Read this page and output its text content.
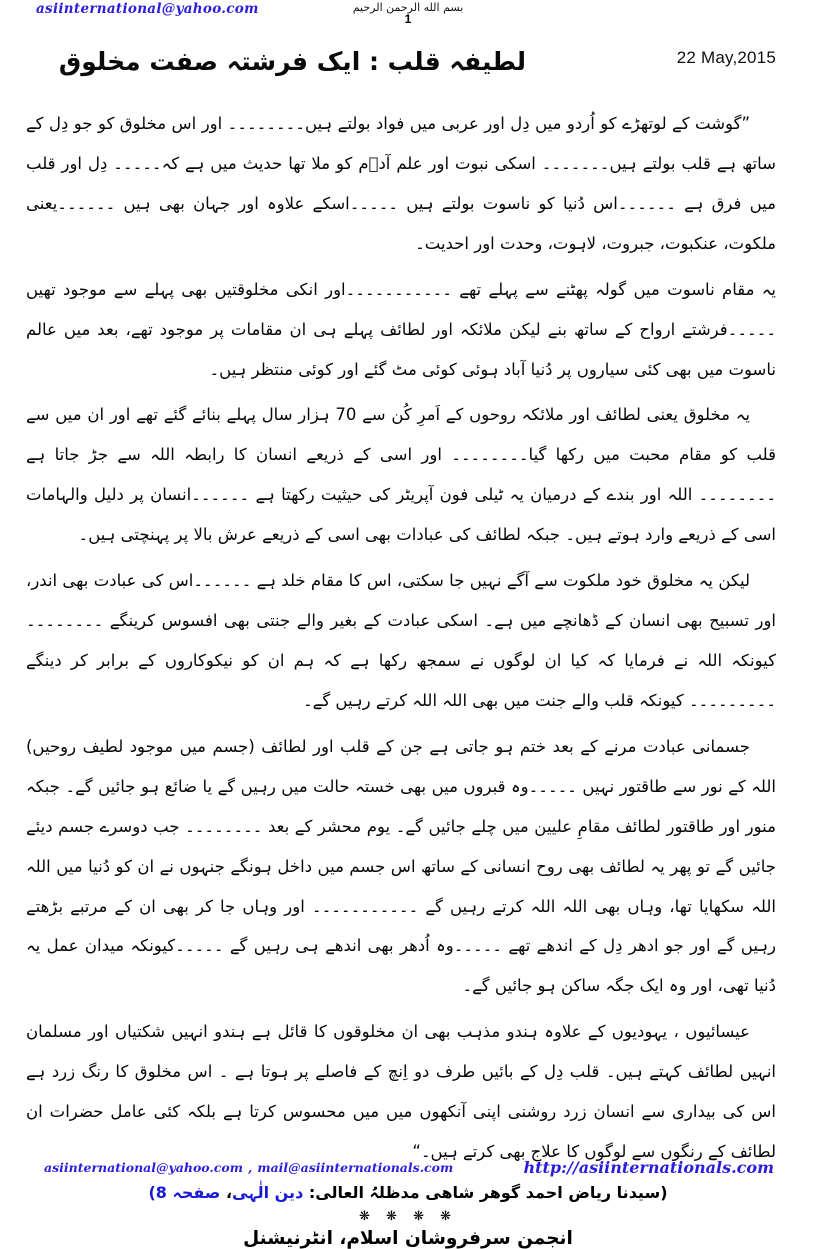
asiinternational@yahoo.com	بسم الله الرحمن الرحيم
1
لطیفہ قلب : ایک فرشتہ صفت مخلوق	22 May,2015

”گوشت کے لوتھڑے کو اُردو میں دِل اور عربی میں فواد بولتے ہیں۔۔۔۔۔۔۔۔ اور اس مخلوق کو جو دِل کے ساتھ ہے قلب بولتے ہیں۔۔۔۔۔۔۔ اسکی نبوت اور علم آدؑم کو ملا تھا حدیث میں ہے کہ۔۔۔۔۔ دِل اور قلب میں فرق ہے ۔۔۔۔۔۔اس دُنیا کو ناسوت بولتے ہیں ۔۔۔۔۔اسکے علاوہ اور جہان بھی ہیں ۔۔۔۔۔۔یعنی ملکوت، عنکبوت، جبروت، لاہوت، وحدت اور احدیت۔

یہ مقام ناسوت میں گولہ پھٹنے سے پہلے تھے ۔۔۔۔۔۔۔۔۔۔۔اور انکی مخلوقتیں بھی پہلے سے موجود تھیں ۔۔۔۔۔فرشتے ارواح کے ساتھ بنے لیکن ملائکہ اور لطائف پہلے ہی ان مقامات پر موجود تھے، بعد میں عالم ناسوت میں بھی کئی سیاروں پر دُنیا آباد ہوئی کوئی مٹ گئے اور کوئی منتظر ہیں۔

یہ مخلوق یعنی لطائف اور ملائکہ روحوں کے اَمرِ کُن سے 70 ہزار سال پہلے بنائے گئے تھے اور ان میں سے قلب کو مقام محبت میں رکھا گیا۔۔۔۔۔۔۔۔ اور اسی کے ذریعے انسان کا رابطہ اللہ سے جڑ جاتا ہے ۔۔۔۔۔۔۔۔ اللہ اور بندے کے درمیان یہ ٹیلی فون آپریٹر کی حیثیت رکھتا ہے ۔۔۔۔۔۔انسان پر دلیل والہامات اسی کے ذریعے وارد ہوتے ہیں۔ جبکہ لطائف کی عبادات بھی اسی کے ذریعے عرش بالا پر پہنچتی ہیں۔

لیکن یہ مخلوق خود ملکوت سے آگے نہیں جا سکتی، اس کا مقام خلد ہے ۔۔۔۔۔۔اس کی عبادت بھی اندر، اور تسبیح بھی انسان کے ڈھانچے میں ہے۔ اسکی عبادت کے بغیر والے جنتی بھی افسوس کرینگے ۔۔۔۔۔۔۔۔کیونکہ اللہ نے فرمایا کہ کیا ان لوگوں نے سمجھ رکھا ہے کہ ہم ان کو نیکوکاروں کے برابر کر دینگے ۔۔۔۔۔۔۔۔۔ کیونکہ قلب والے جنت میں بھی اللہ اللہ کرتے رہیں گے۔

جسمانی عبادت مرنے کے بعد ختم ہو جاتی ہے جن کے قلب اور لطائف (جسم میں موجود لطیف روحیں) اللہ کے نور سے طاقتور نہیں ۔۔۔۔۔وہ قبروں میں بھی خستہ حالت میں رہیں گے یا ضائع ہو جائیں گے۔ جبکہ منور اور طاقتور لطائف مقامِ علیین میں چلے جائیں گے۔ یوم محشر کے بعد ۔۔۔۔۔۔۔۔ جب دوسرے جسم دیئے جائیں گے تو پھر یہ لطائف بھی روح انسانی کے ساتھ اس جسم میں داخل ہونگے جنہوں نے ان کو دُنیا میں اللہ اللہ سکھایا تھا، وہاں بھی اللہ اللہ کرتے رہیں گے ۔۔۔۔۔۔۔۔۔۔۔ اور وہاں جا کر بھی ان کے مرتبے بڑھتے رہیں گے اور جو ادھر دِل کے اندھے تھے ۔۔۔۔۔وہ اُدھر بھی اندھے ہی رہیں گے ۔۔۔۔۔کیونکہ میدان عمل یہ دُنیا تھی، اور وہ ایک جگہ ساکن ہو جائیں گے۔

عیسائیوں ، یہودیوں کے علاوہ ہندو مذہب بھی ان مخلوقوں کا قائل ہے ہندو انہیں شکتیاں اور مسلمان انہیں لطائف کہتے ہیں۔ قلب دِل کے بائیں طرف دو اِنچ کے فاصلے پر ہوتا ہے ۔ اس مخلوق کا رنگ زرد ہے اس کی بیداری سے انسان زرد روشنی اپنی آنکھوں میں میں محسوس کرتا ہے بلکہ کئی عامل حضرات ان لطائف کے رنگوں سے لوگوں کا علاج بھی کرتے ہیں۔“

(سیدنا ریاض احمد گوھر شاھی مدظلہُ العالی: دین الٰہی، صفحہ 8)
❋ ❋ ❋ ❋
انجمن سرفروشان اسلام، انٹرنیشنل
asiinternational@yahoo.com , mail@asiinternationals.com	http://asiinternationals.com
